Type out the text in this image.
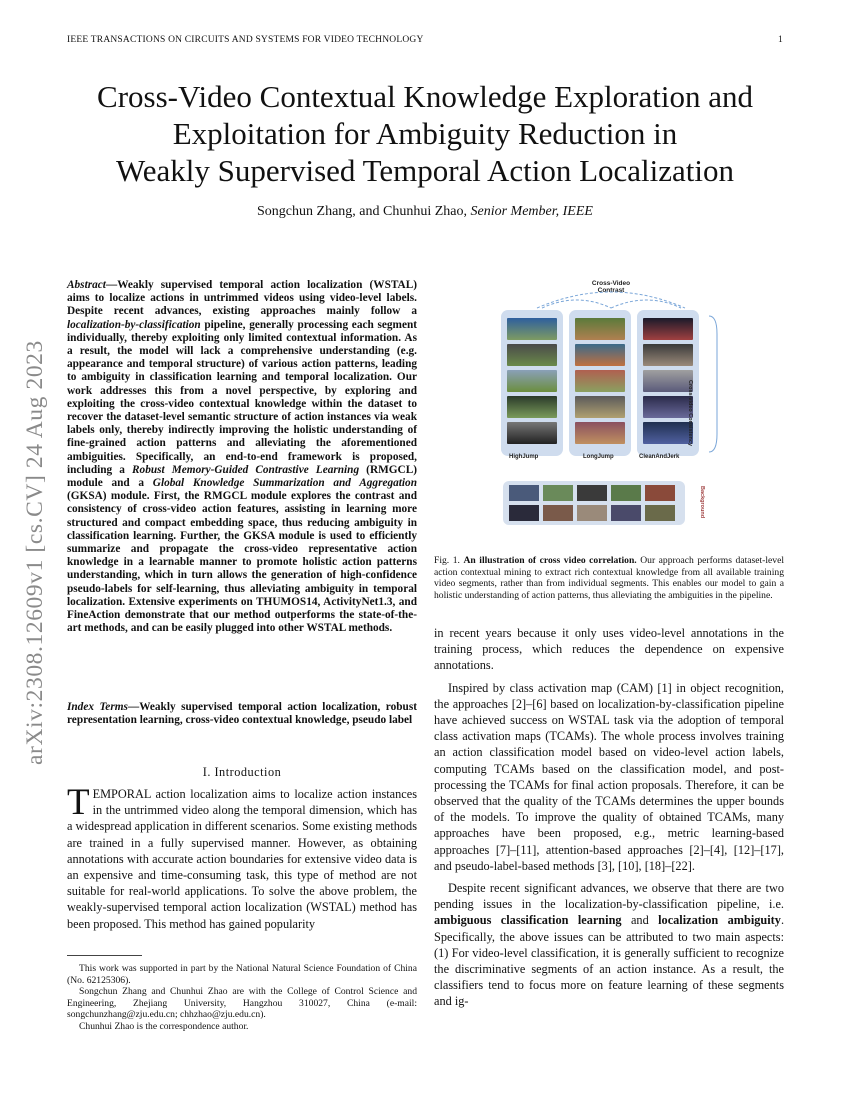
IEEE TRANSACTIONS ON CIRCUITS AND SYSTEMS FOR VIDEO TECHNOLOGY	1
Cross-Video Contextual Knowledge Exploration and
Exploitation for Ambiguity Reduction in
Weakly Supervised Temporal Action Localization
Songchun Zhang, and Chunhui Zhao, Senior Member, IEEE
arXiv:2308.12609v1 [cs.CV] 24 Aug 2023
Abstract—Weakly supervised temporal action localization (WSTAL) aims to localize actions in untrimmed videos using video-level labels. Despite recent advances, existing approaches mainly follow a localization-by-classification pipeline, generally processing each segment individually, thereby exploiting only limited contextual information. As a result, the model will lack a comprehensive understanding (e.g. appearance and temporal structure) of various action patterns, leading to ambiguity in classification learning and temporal localization. Our work addresses this from a novel perspective, by exploring and exploiting the cross-video contextual knowledge within the dataset to recover the dataset-level semantic structure of action instances via weak labels only, thereby indirectly improving the holistic understanding of fine-grained action patterns and alleviating the aforementioned ambiguities. Specifically, an end-to-end framework is proposed, including a Robust Memory-Guided Contrastive Learning (RMGCL) module and a Global Knowledge Summarization and Aggregation (GKSA) module. First, the RMGCL module explores the contrast and consistency of cross-video action features, assisting in learning more structured and compact embedding space, thus reducing ambiguity in classification learning. Further, the GKSA module is used to efficiently summarize and propagate the cross-video representative action knowledge in a learnable manner to promote holistic action patterns understanding, which in turn allows the generation of high-confidence pseudo-labels for self-learning, thus alleviating ambiguity in temporal localization. Extensive experiments on THUMOS14, ActivityNet1.3, and FineAction demonstrate that our method outperforms the state-of-the-art methods, and can be easily plugged into other WSTAL methods.
Index Terms—Weakly supervised temporal action localization, robust representation learning, cross-video contextual knowledge, pseudo label
I. Introduction
TEMPORAL action localization aims to localize action instances in the untrimmed video along the temporal dimension, which has a widespread application in different scenarios. Some existing methods are trained in a fully supervised manner. However, as obtaining annotations with accurate action boundaries for extensive video data is an expensive and time-consuming task, this type of method are not suitable for real-world applications. To solve the above problem, the weakly-supervised temporal action localization (WSTAL) method has been proposed. This method has gained popularity

This work was supported in part by the National Natural Science Foundation of China (No. 62125306).

Songchun Zhang and Chunhui Zhao are with the College of Control Science and Engineering, Zhejiang University, Hangzhou 310027, China (e-mail: songchunzhang@zju.edu.cn; chhzhao@zju.edu.cn).

Chunhui Zhao is the correspondence author.

Cross-Video
Contrast
HighJump	LongJump	CleanAndJerk
Cross-video Consistency
Background
Fig. 1. An illustration of cross video correlation. Our approach performs dataset-level action contextual mining to extract rich contextual knowledge from all available training video segments, rather than from individual segments. This enables our model to gain a holistic understanding of action patterns, thus alleviating the ambiguities in the pipeline.

in recent years because it only uses video-level annotations in the training process, which reduces the dependence on expensive annotations.

Inspired by class activation map (CAM) [1] in object recognition, the approaches [2]–[6] based on localization-by-classification pipeline have achieved success on WSTAL task via the adoption of temporal class activation maps (TCAMs). The whole process involves training an action classification model based on video-level action labels, computing TCAMs based on the classification model, and post-processing the TCAMs for final action proposals. Therefore, it can be observed that the quality of the TCAMs determines the upper bounds of the models. To improve the quality of obtained TCAMs, many approaches have been proposed, e.g., metric learning-based approaches [7]–[11], attention-based approaches [2]–[4], [12]–[17], and pseudo-label-based methods [3], [10], [18]–[22].

Despite recent significant advances, we observe that there are two pending issues in the localization-by-classification pipeline, i.e. ambiguous classification learning and localization ambiguity. Specifically, the above issues can be attributed to two main aspects: (1) For video-level classification, it is generally sufficient to recognize the discriminative segments of an action instance. As a result, the classifiers tend to focus more on feature learning of these segments and ig-
